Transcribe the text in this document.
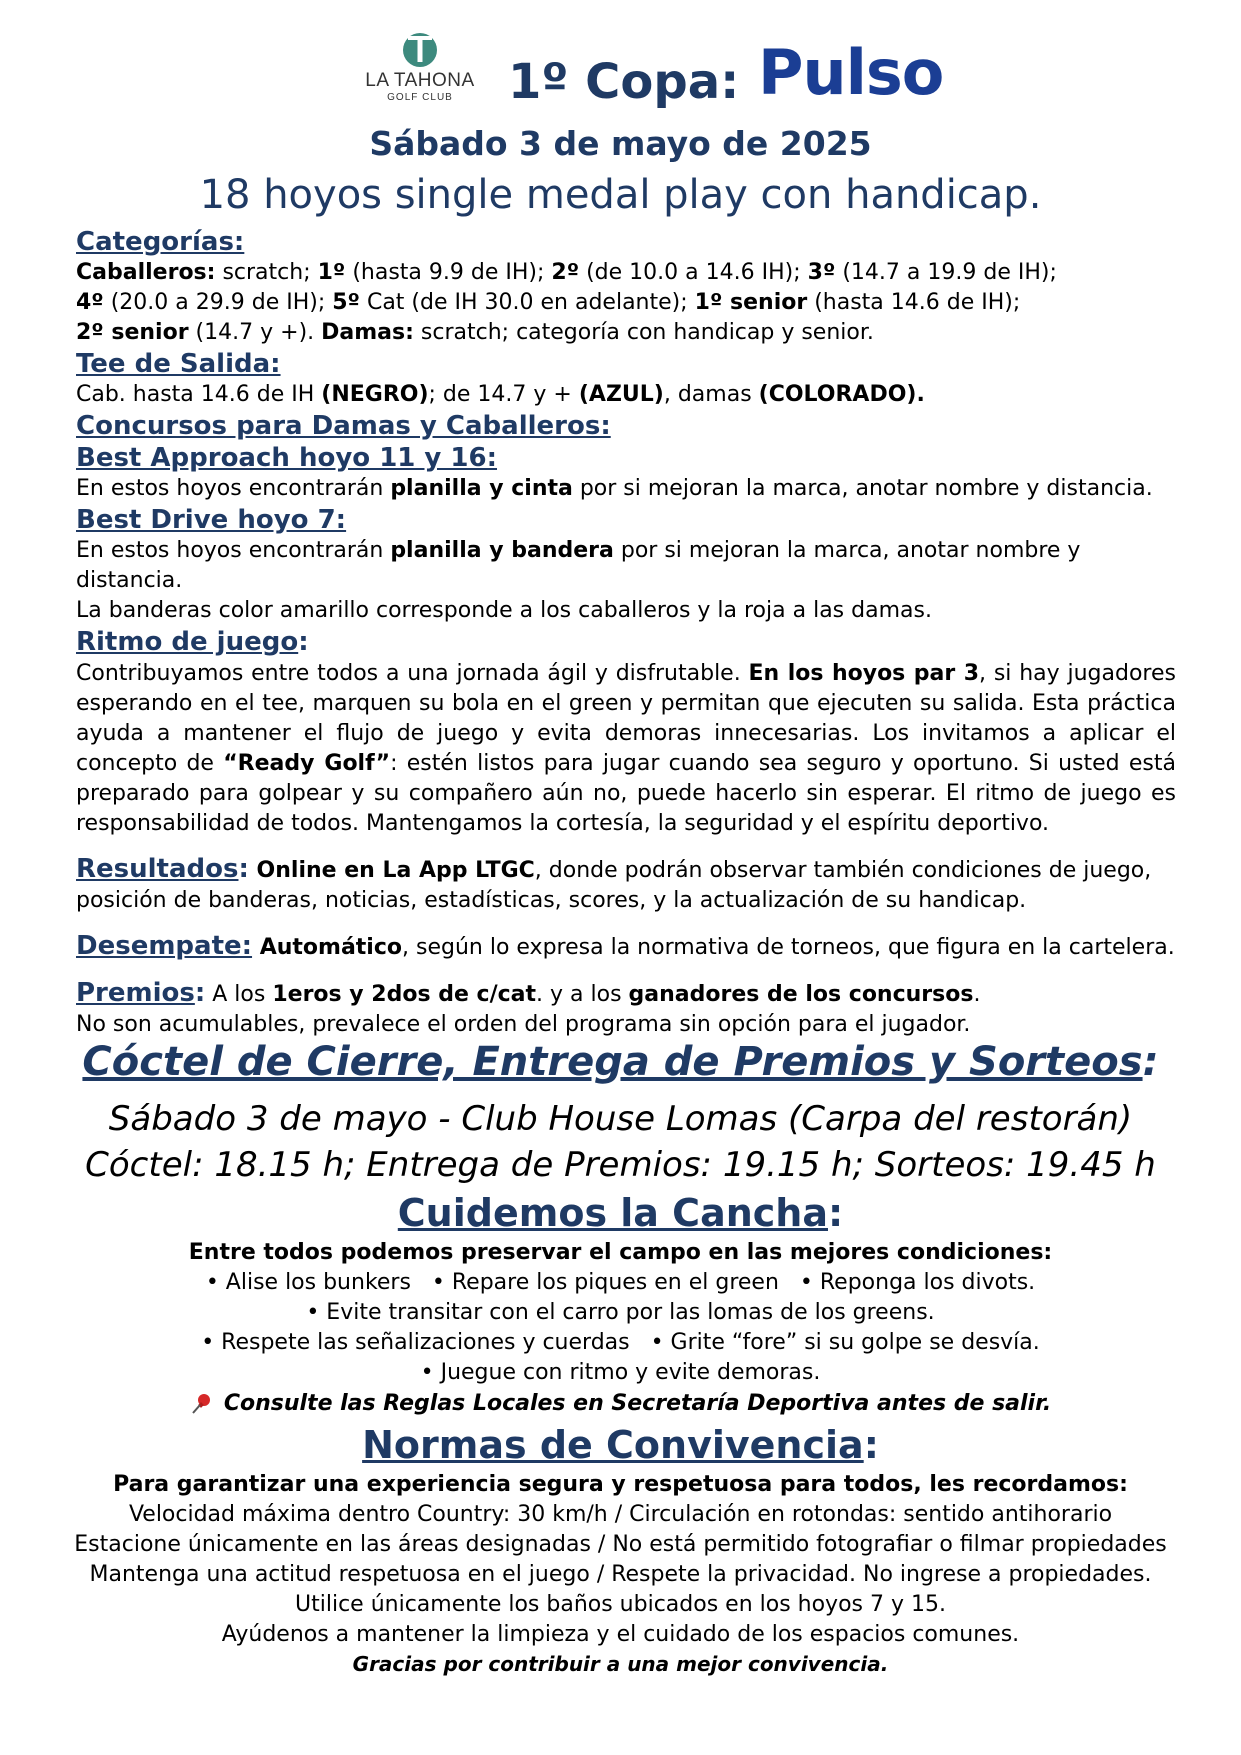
LA TAHONA
GOLF CLUB	1º Copa: Pulso
Sábado 3 de mayo de 2025
18 hoyos single medal play con handicap.
Categorías:
Caballeros: scratch; 1º (hasta 9.9 de IH); 2º (de 10.0 a 14.6 IH); 3º (14.7 a 19.9 de IH);
4º (20.0 a 29.9 de IH); 5º Cat (de IH 30.0 en adelante); 1º senior (hasta 14.6 de IH);
2º senior (14.7 y +). Damas: scratch; categoría con handicap y senior.
Tee de Salida:
Cab. hasta 14.6 de IH (NEGRO); de 14.7 y + (AZUL), damas (COLORADO).
Concursos para Damas y Caballeros:
Best Approach hoyo 11 y 16:
En estos hoyos encontrarán planilla y cinta por si mejoran la marca, anotar nombre y distancia.
Best Drive hoyo 7:
En estos hoyos encontrarán planilla y bandera por si mejoran la marca, anotar nombre y distancia.
La banderas color amarillo corresponde a los caballeros y la roja a las damas.
Ritmo de juego:
Contribuyamos entre todos a una jornada ágil y disfrutable. En los hoyos par 3, si hay jugadores esperando en el tee, marquen su bola en el green y permitan que ejecuten su salida. Esta práctica ayuda a mantener el flujo de juego y evita demoras innecesarias. Los invitamos a aplicar el concepto de “Ready Golf”: estén listos para jugar cuando sea seguro y oportuno. Si usted está preparado para golpear y su compañero aún no, puede hacerlo sin esperar. El ritmo de juego es responsabilidad de todos. Mantengamos la cortesía, la seguridad y el espíritu deportivo.
Resultados: Online en La App LTGC, donde podrán observar también condiciones de juego, posición de banderas, noticias, estadísticas, scores, y la actualización de su handicap.
Desempate: Automático, según lo expresa la normativa de torneos, que figura en la cartelera.
Premios: A los 1eros y 2dos de c/cat. y a los ganadores de los concursos.
No son acumulables, prevalece el orden del programa sin opción para el jugador.
Cóctel de Cierre, Entrega de Premios y Sorteos:
Sábado 3 de mayo - Club House Lomas (Carpa del restorán)
Cóctel: 18.15 h; Entrega de Premios: 19.15 h; Sorteos: 19.45 h
Cuidemos la Cancha:
Entre todos podemos preservar el campo en las mejores condiciones:
• Alise los bunkers   • Repare los piques en el green   • Reponga los divots.
• Evite transitar con el carro por las lomas de los greens.
• Respete las señalizaciones y cuerdas   • Grite “fore” si su golpe se desvía.
• Juegue con ritmo y evite demoras.
Consulte las Reglas Locales en Secretaría Deportiva antes de salir.
Normas de Convivencia:
Para garantizar una experiencia segura y respetuosa para todos, les recordamos:
Velocidad máxima dentro Country: 30 km/h / Circulación en rotondas: sentido antihorario
Estacione únicamente en las áreas designadas / No está permitido fotografiar o filmar propiedades
Mantenga una actitud respetuosa en el juego / Respete la privacidad. No ingrese a propiedades.
Utilice únicamente los baños ubicados en los hoyos 7 y 15.
Ayúdenos a mantener la limpieza y el cuidado de los espacios comunes.
Gracias por contribuir a una mejor convivencia.
